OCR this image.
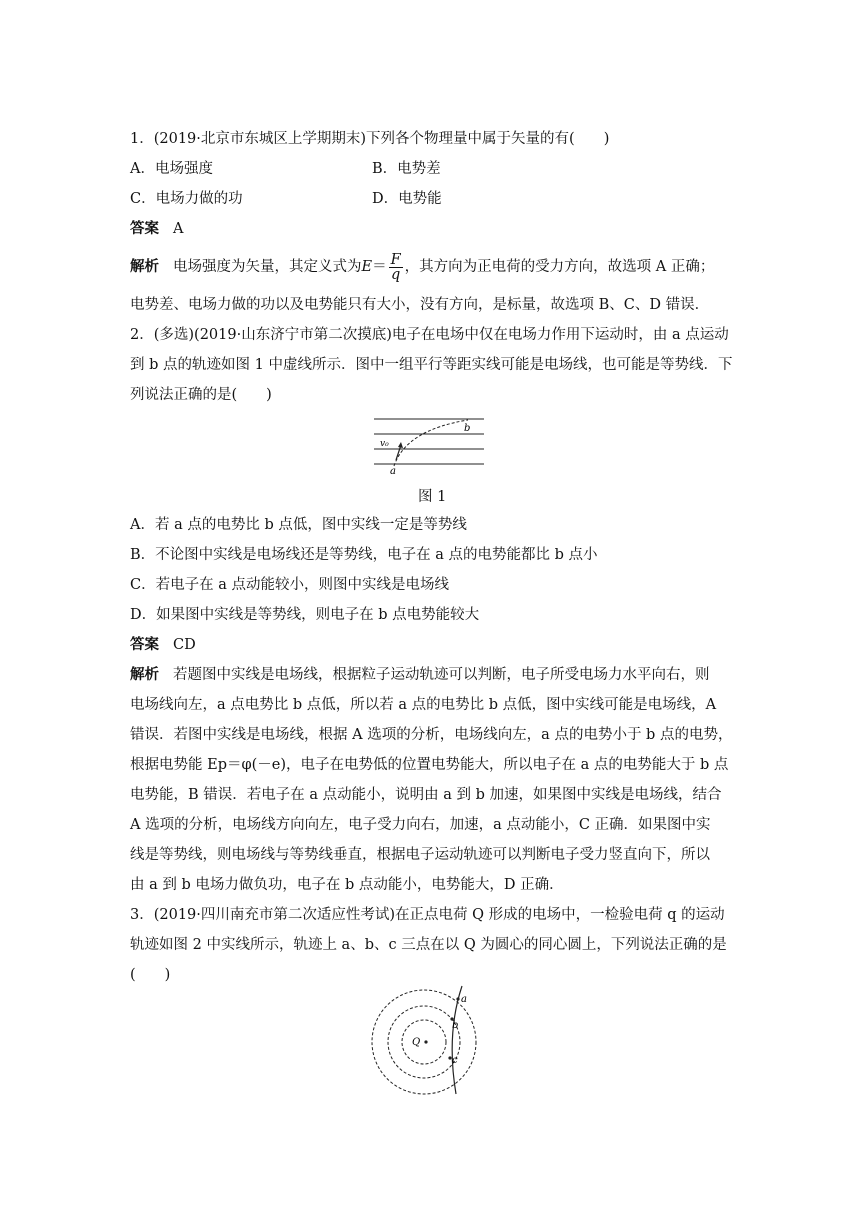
1．(2019·北京市东城区上学期期末)下列各个物理量中属于矢量的有(　　)
A．电场强度	B．电势差
C．电场力做的功	D．电势能
答案 A
解析 电场强度为矢量，其定义式为$E= \frac{F}{q}$ ，其方向为正电荷的受力方向，故选项 A 正确；
电势差、电场力做的功以及电势能只有大小，没有方向，是标量，故选项 B、C、D 错误．
2．(多选)(2019·山东济宁市第二次摸底)电子在电场中仅在电场力作用下运动时，由 a 点运动
到 b 点的轨迹如图 1 中虚线所示．图中一组平行等距实线可能是电场线，也可能是等势线．下
列说法正确的是(　　)
b
v₀
a
图 1
A．若 a 点的电势比 b 点低，图中实线一定是等势线
B．不论图中实线是电场线还是等势线，电子在 a 点的电势能都比 b 点小
C．若电子在 a 点动能较小，则图中实线是电场线
D．如果图中实线是等势线，则电子在 b 点电势能较大
答案 CD
解析 若题图中实线是电场线，根据粒子运动轨迹可以判断，电子所受电场力水平向右，则
电场线向左，a 点电势比 b 点低，所以若 a 点的电势比 b 点低，图中实线可能是电场线，A
错误．若图中实线是电场线，根据 A 选项的分析，电场线向左，a 点的电势小于 b 点的电势，
根据电势能 Ep＝φ(－e)，电子在电势低的位置电势能大，所以电子在 a 点的电势能大于 b 点
电势能，B 错误．若电子在 a 点动能小，说明由 a 到 b 加速，如果图中实线是电场线，结合
A 选项的分析，电场线方向向左，电子受力向右，加速，a 点动能小，C 正确．如果图中实
线是等势线，则电场线与等势线垂直，根据电子运动轨迹可以判断电子受力竖直向下，所以
由 a 到 b 电场力做负功，电子在 b 点动能小，电势能大，D 正确．
3．(2019·四川南充市第二次适应性考试)在正点电荷 Q 形成的电场中，一检验电荷 q 的运动
轨迹如图 2 中实线所示，轨迹上 a、b、c 三点在以 Q 为圆心的同心圆上，下列说法正确的是
(　　)
Q
a
b
c
